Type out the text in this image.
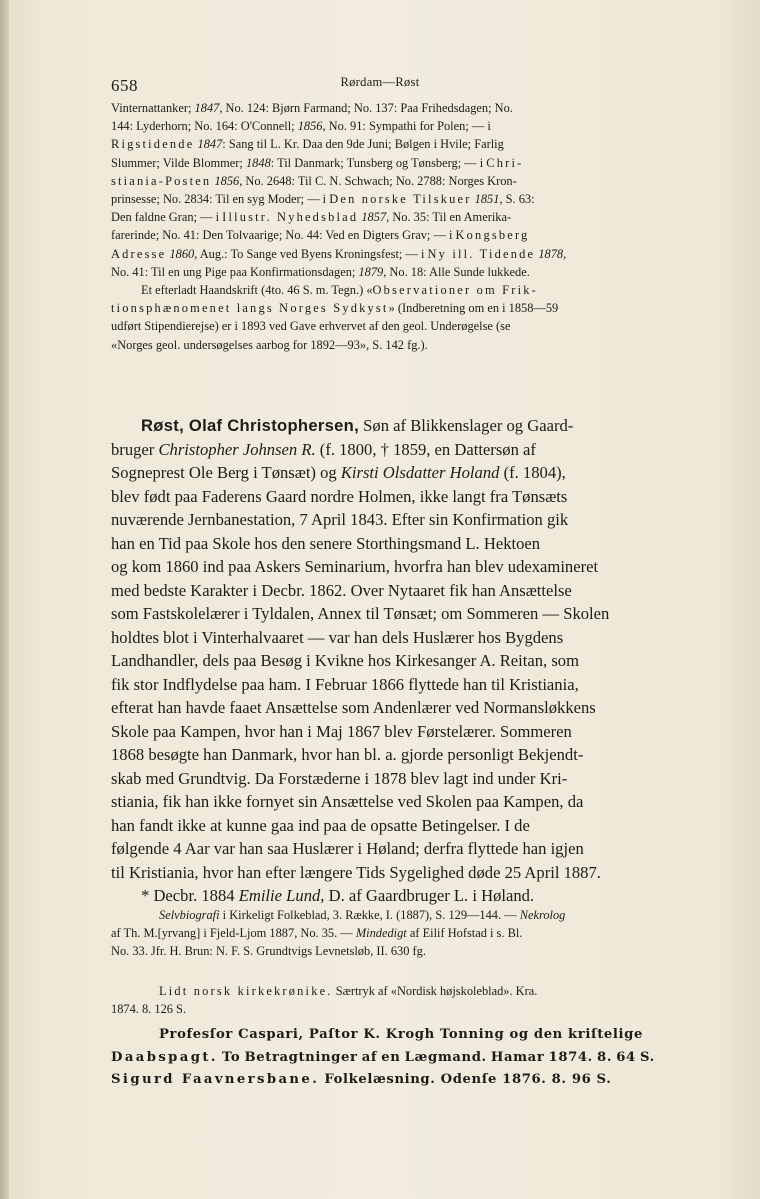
658	Rørdam—Røst
Vinternattanker; 1847, No. 124: Bjørn Farmand; No. 137: Paa Frihedsdagen; No.
144: Lyderhorn; No. 164: O'Connell; 1856, No. 91: Sympathi for Polen; — i
Rigstidende 1847: Sang til L. Kr. Daa den 9de Juni; Bølgen i Hvile; Farlig
Slummer; Vilde Blommer; 1848: Til Danmark; Tunsberg og Tønsberg; — i Chri-
stiania-Posten 1856, No. 2648: Til C. N. Schwach; No. 2788: Norges Kron-
prinsesse; No. 2834: Til en syg Moder; — i Den norske Tilskuer 1851, S. 63:
Den faldne Gran; — i Illustr. Nyhedsblad 1857, No. 35: Til en Amerika-
farerinde; No. 41: Den Tolvaarige; No. 44: Ved en Digters Grav; — i Kongsberg
Adresse 1860, Aug.: To Sange ved Byens Kroningsfest; — i Ny ill. Tidende 1878,
No. 41: Til en ung Pige paa Konfirmationsdagen; 1879, No. 18: Alle Sunde lukkede.
Et efterladt Haandskrift (4to. 46 S. m. Tegn.) «Observationer om Frik-
tionsphænomenet langs Norges Sydkyst» (Indberetning om en i 1858—59
udført Stipendierejse) er i 1893 ved Gave erhvervet af den geol. Underøgelse (se
«Norges geol. undersøgelses aarbog for 1892—93», S. 142 fg.).
Røst, Olaf Christophersen, Søn af Blikkenslager og Gaard-
bruger Christopher Johnsen R. (f. 1800, † 1859, en Dattersøn af
Sogneprest Ole Berg i Tønsæt) og Kirsti Olsdatter Holand (f. 1804),
blev født paa Faderens Gaard nordre Holmen, ikke langt fra Tønsæts
nuværende Jernbanestation, 7 April 1843. Efter sin Konfirmation gik
han en Tid paa Skole hos den senere Storthingsmand L. Hektoen
og kom 1860 ind paa Askers Seminarium, hvorfra han blev udexamineret
med bedste Karakter i Decbr. 1862. Over Nytaaret fik han Ansættelse
som Fastskolelærer i Tyldalen, Annex til Tønsæt; om Sommeren — Skolen
holdtes blot i Vinterhalvaaret — var han dels Huslærer hos Bygdens
Landhandler, dels paa Besøg i Kvikne hos Kirkesanger A. Reitan, som
fik stor Indflydelse paa ham. I Februar 1866 flyttede han til Kristiania,
efterat han havde faaet Ansættelse som Andenlærer ved Normansløkkens
Skole paa Kampen, hvor han i Maj 1867 blev Førstelærer. Sommeren
1868 besøgte han Danmark, hvor han bl. a. gjorde personligt Bekjendt-
skab med Grundtvig. Da Forstæderne i 1878 blev lagt ind under Kri-
stiania, fik han ikke fornyet sin Ansættelse ved Skolen paa Kampen, da
han fandt ikke at kunne gaa ind paa de opsatte Betingelser. I de
følgende 4 Aar var han saa Huslærer i Høland; derfra flyttede han igjen
til Kristiania, hvor han efter længere Tids Sygelighed døde 25 April 1887.
* Decbr. 1884 Emilie Lund, D. af Gaardbruger L. i Høland.
Selvbiografi i Kirkeligt Folkeblad, 3. Række, I. (1887), S. 129—144. — Nekrolog
af Th. M.[yrvang] i Fjeld-Ljom 1887, No. 35. — Mindedigt af Eilif Hofstad i s. Bl.
No. 33. Jfr. H. Brun: N. F. S. Grundtvigs Levnetsløb, II. 630 fg.
Lidt norsk kirkekrønike. Særtryk af «Nordisk højskoleblad». Kra.
1874. 8. 126 S.
Profesſor Caspari, Paſtor K. Krogh Tonning og den kriſtelige
Daabspagt. To Betragtninger af en Lægmand. Hamar 1874. 8. 64 S.
Sigurd Faavnersbane. Folkelæsning. Odenſe 1876. 8. 96 S.
